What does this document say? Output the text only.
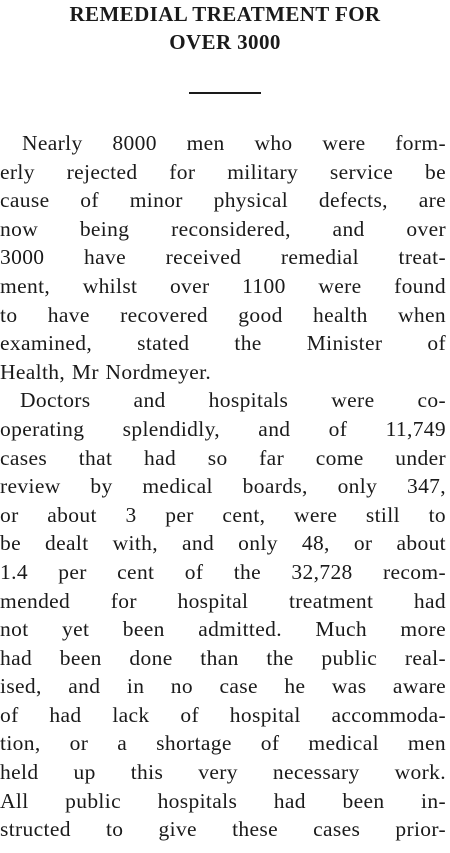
REMEDIAL TREATMENT FOR
OVER 3000

Nearly 8000 men who were form-
erly rejected for military service be
cause of minor physical defects, are
now being reconsidered, and over
3000 have received remedial treat-
ment, whilst over 1100 were found
to have recovered good health when
examined, stated the Minister of
Health, Mr Nordmeyer.

Doctors and hospitals were co-
operating splendidly, and of 11,749
cases that had so far come under
review by medical boards, only 347,
or about 3 per cent, were still to
be dealt with, and only 48, or about
1.4 per cent of the 32,728 recom-
mended for hospital treatment had
not yet been admitted. Much more
had been done than the public real-
ised, and in no case he was aware
of had lack of hospital accommoda-
tion, or a shortage of medical men
held up this very necessary work.
All public hospitals had been in-
structed to give these cases prior-
